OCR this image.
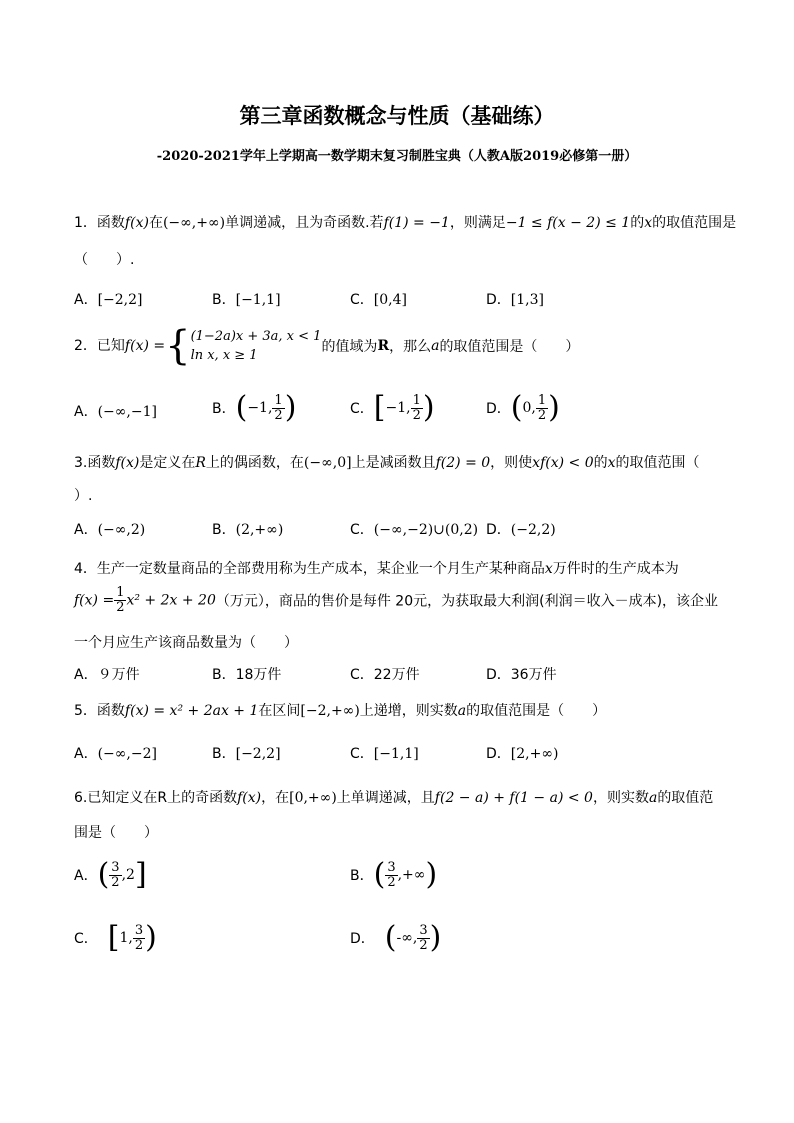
第三章函数概念与性质（基础练）
-2020-2021学年上学期高一数学期末复习制胜宝典（人教A版2019必修第一册）
1．函数f(x)在(−∞,+∞)单调递减，且为奇函数.若f(1) = −1，则满足−1 ≤ f(x − 2) ≤ 1的x的取值范围是
（　　）.
A．[−2,2]	B．[−1,1]	C．[0,4]	D．[1,3]
2．已知f(x) ={ (1−2a)x + 3a, x < 1
ln x, x ≥ 1
的值域为R，那么a的取值范围是（　　）
A．(−∞,−1]	B．(−1, $\frac{1}{2}$ )	C．[−1, $\frac{1}{2}$ )	D．(0, $\frac{1}{2}$ )
3.函数f(x)是定义在R上的偶函数，在(−∞,0]上是减函数且f(2) = 0，则使xf(x) < 0的x的取值范围（
）.
A．(−∞,2)	B．(2,+∞)	C．(−∞,−2)∪(0,2) D．(−2,2)
4．生产一定数量商品的全部费用称为生产成本，某企业一个月生产某种商品x万件时的生产成本为
$f(x) = \frac{1}{2} x^2 + 2x + 20$（万元），商品的售价是每件 20元，为获取最大利润(利润＝收入－成本)，该企业
一个月应生产该商品数量为（　　）
A．９万件	B．18万件	C．22万件	D．36万件
5．函数f(x) = x² + 2ax + 1在区间[−2,+∞)上递增，则实数a的取值范围是（　　）
A．(−∞,−2]	B．[−2,2]	C．[−1,1]	D．[2,+∞)
6.已知定义在R上的奇函数f(x)，在[0,+∞)上单调递减，且f(2 − a) + f(1 − a) < 0，则实数a的取值范
围是（　　）
A．( $\frac{3}{2} ,2$]	B．( $\frac{3}{2}$ ,+∞)
C． [1, $\frac{3}{2}$ )	D． (-∞, $\frac{3}{2}$ )
